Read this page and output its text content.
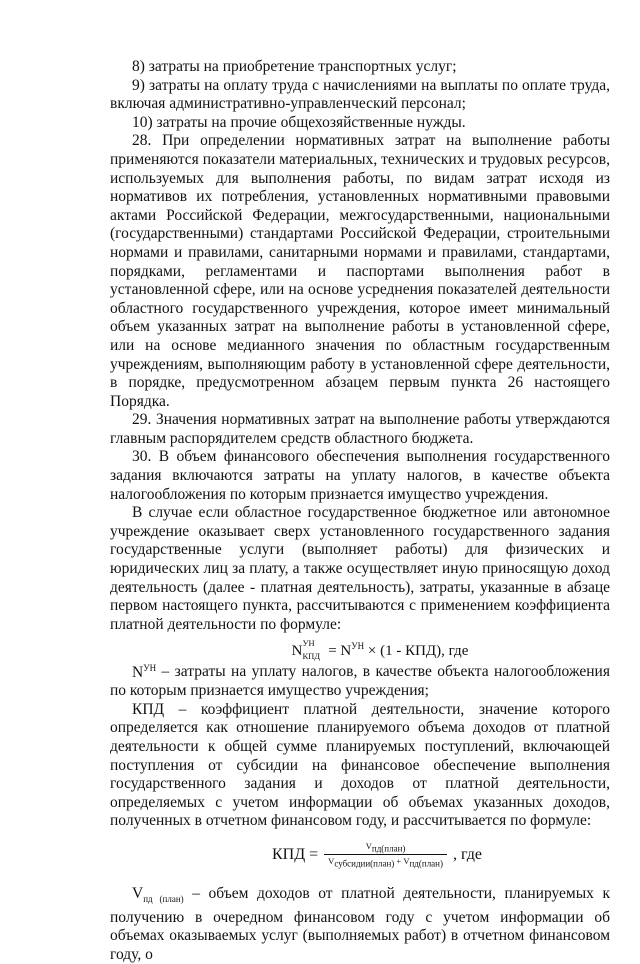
8) затраты на приобретение транспортных услуг;

9) затраты на оплату труда с начислениями на выплаты по оплате труда, включая административно-управленческий персонал;

10) затраты на прочие общехозяйственные нужды.

28. При определении нормативных затрат на выполнение работы применяются показатели материальных, технических и трудовых ресурсов, используемых для выполнения работы, по видам затрат исходя из нормативов их потребления, установленных нормативными правовыми актами Российской Федерации, межгосударственными, национальными (государственными) стандартами Российской Федерации, строительными нормами и правилами, санитарными нормами и правилами, стандартами, порядками, регламентами и паспортами выполнения работ в установленной сфере, или на основе усреднения показателей деятельности областного государственного учреждения, которое имеет минимальный объем указанных затрат на выполнение работы в установленной сфере, или на основе медианного значения по областным государственным учреждениям, выполняющим работу в установленной сфере деятельности, в порядке, предусмотренном абзацем первым пункта 26 настоящего Порядка.

29. Значения нормативных затрат на выполнение работы утверждаются главным распорядителем средств областного бюджета.

30. В объем финансового обеспечения выполнения государственного задания включаются затраты на уплату налогов, в качестве объекта налогообложения по которым признается имущество учреждения.

В случае если областное государственное бюджетное или автономное учреждение оказывает сверх установленного государственного задания государственные услуги (выполняет работы) для физических и юридических лиц за плату, а также осуществляет иную приносящую доход деятельность (далее - платная деятельность), затраты, указанные в абзаце первом настоящего пункта, рассчитываются с применением коэффициента платной деятельности по формуле:

N
УН
КПД = $N^{УН} \times (1 - КПД)$, где

$N^{УН}$ – затраты на уплату налогов, в качестве объекта налогообложения по которым признается имущество учреждения;

КПД – коэффициент платной деятельности, значение которого определяется как отношение планируемого объема доходов от платной деятельности к общей сумме планируемых поступлений, включающей поступления от субсидии на финансовое обеспечение выполнения государственного задания и доходов от платной деятельности, определяемых с учетом информации об объемах указанных доходов, полученных в отчетном финансовом году, и рассчитывается по формуле:

КПД = $\frac{\text{Vпд(план)}}{\text{Vсубсидии(план) + Vпд(план)}}$ , где

$V_{пд (план)}$ – объем доходов от платной деятельности, планируемых к получению в очередном финансовом году с учетом информации об объемах оказываемых услуг (выполняемых работ) в отчетном финансовом году, о
